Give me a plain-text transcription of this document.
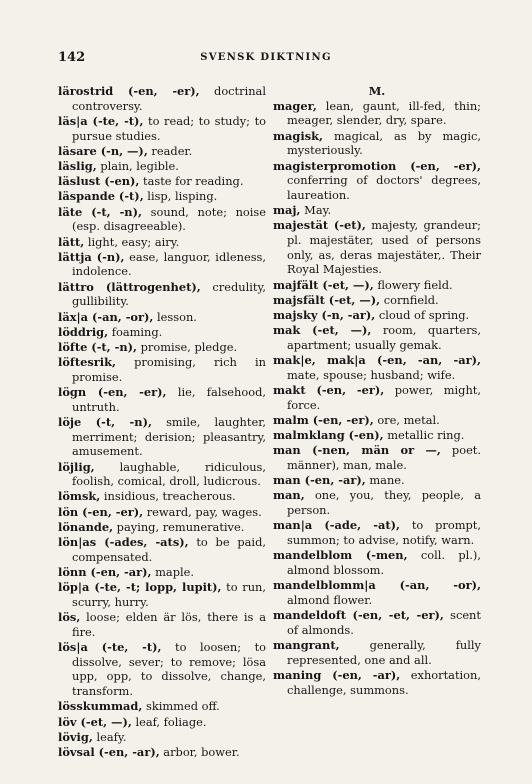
142	SVENSK DIKTNING

lärostrid (-en, -er), doctrinal controversy.

läs|a (-te, -t), to read; to study; to pursue studies.

läsare (-n, —), reader.

läslig, plain, legible.

läslust (-en), taste for reading.

läspande (-t), lisp, lisping.

läte (-t, -n), sound, note; noise (esp. disagreeable).

lätt, light, easy; airy.

lättja (-n), ease, languor, idleness, indolence.

lättro (lättrogenhet), credulity, gullibility.

läx|a (-an, -or), lesson.

löddrig, foaming.

löfte (-t, -n), promise, pledge.

löftesrik, promising, rich in promise.

lögn (-en, -er), lie, falsehood, untruth.

löje (-t, -n), smile, laughter, merriment; derision; pleasantry, amusement.

löjlig, laughable, ridiculous, foolish, comical, droll, ludicrous.

lömsk, insidious, treacherous.

lön (-en, -er), reward, pay, wages.

lönande, paying, remunerative.

lön|as (-ades, -ats), to be paid, compensated.

lönn (-en, -ar), maple.

löp|a (-te, -t; lopp, lupit), to run, scurry, hurry.

lös, loose; elden är lös, there is a fire.

lös|a (-te, -t), to loosen; to dissolve, sever; to remove; lösa upp, opp, to dissolve, change, transform.

lösskummad, skimmed off.

löv (-et, —), leaf, foliage.

lövig, leafy.

lövsal (-en, -ar), arbor, bower.

M.

mager, lean, gaunt, ill-fed, thin; meager, slender, dry, spare.

magisk, magical, as by magic, mysteriously.

magisterpromotion (-en, -er), conferring of doctors' degrees, laureation.

maj, May.

majestät (-et), majesty, grandeur; pl. majestäter, used of persons only, as, deras majestäter,. Their Royal Majesties.

majfält (-et, —), flowery field.

majsfält (-et, —), cornfield.

majsky (-n, -ar), cloud of spring.

mak (-et, —), room, quarters, apartment; usually gemak.

mak|e, mak|a (-en, -an, -ar), mate, spouse; husband; wife.

makt (-en, -er), power, might, force.

malm (-en, -er), ore, metal.

malmklang (-en), metallic ring.

man (-nen, män or —, poet. männer), man, male.

man (-en, -ar), mane.

man, one, you, they, people, a person.

man|a (-ade, -at), to prompt, summon; to advise, notify, warn.

mandelblom (-men, coll. pl.), almond blossom.

mandelblomm|a (-an, -or), almond flower.

mandeldoft (-en, -et, -er), scent of almonds.

mangrant,	generally, fully represented, one and all.

maning (-en, -ar), exhortation, challenge, summons.
